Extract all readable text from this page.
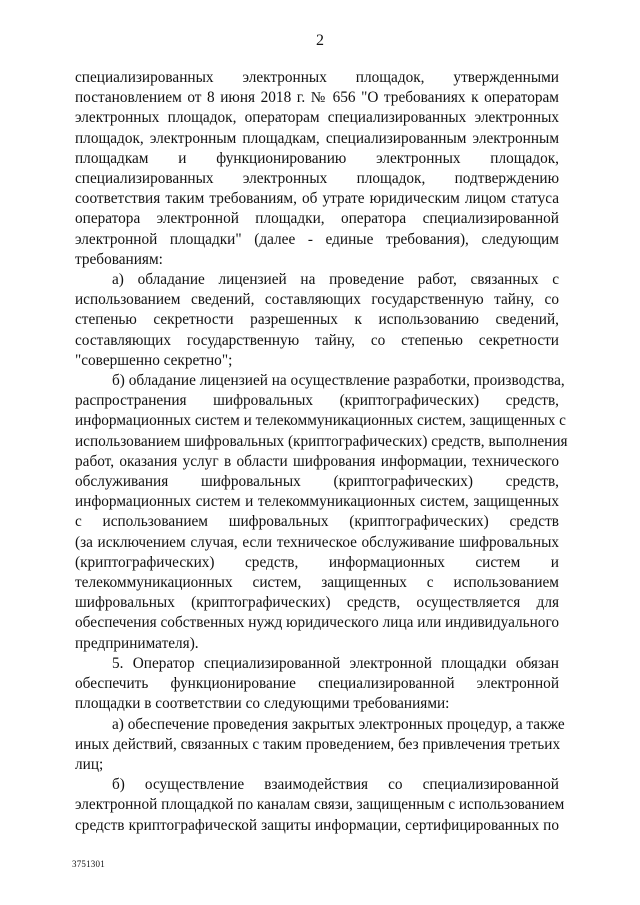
2

специализированных электронных площадок, утвержденными
постановлением от 8 июня 2018 г. № 656 "О требованиях к операторам
электронных площадок, операторам специализированных электронных
площадок, электронным площадкам, специализированным электронным
площадкам и функционированию электронных площадок,
специализированных электронных площадок, подтверждению
соответствия таким требованиям, об утрате юридическим лицом статуса
оператора электронной площадки, оператора специализированной
электронной площадки" (далее - единые требования), следующим
требованиям:

а) обладание лицензией на проведение работ, связанных с
использованием сведений, составляющих государственную тайну, со
степенью секретности разрешенных к использованию сведений,
составляющих государственную тайну, со степенью секретности
"совершенно секретно";

б) обладание лицензией на осуществление разработки, производства,
распространения шифровальных (криптографических) средств,
информационных систем и телекоммуникационных систем, защищенных с
использованием шифровальных (криптографических) средств, выполнения
работ, оказания услуг в области шифрования информации, технического
обслуживания шифровальных (криптографических) средств,
информационных систем и телекоммуникационных систем, защищенных
с использованием шифровальных (криптографических) средств
(за исключением случая, если техническое обслуживание шифровальных
(криптографических) средств, информационных систем и
телекоммуникационных систем, защищенных с использованием
шифровальных (криптографических) средств, осуществляется для
обеспечения собственных нужд юридического лица или индивидуального
предпринимателя).

5. Оператор специализированной электронной площадки обязан
обеспечить функционирование специализированной электронной
площадки в соответствии со следующими требованиями:

а) обеспечение проведения закрытых электронных процедур, а также
иных действий, связанных с таким проведением, без привлечения третьих
лиц;

б) осуществление взаимодействия со специализированной
электронной площадкой по каналам связи, защищенным с использованием
средств криптографической защиты информации, сертифицированных по

3751301
